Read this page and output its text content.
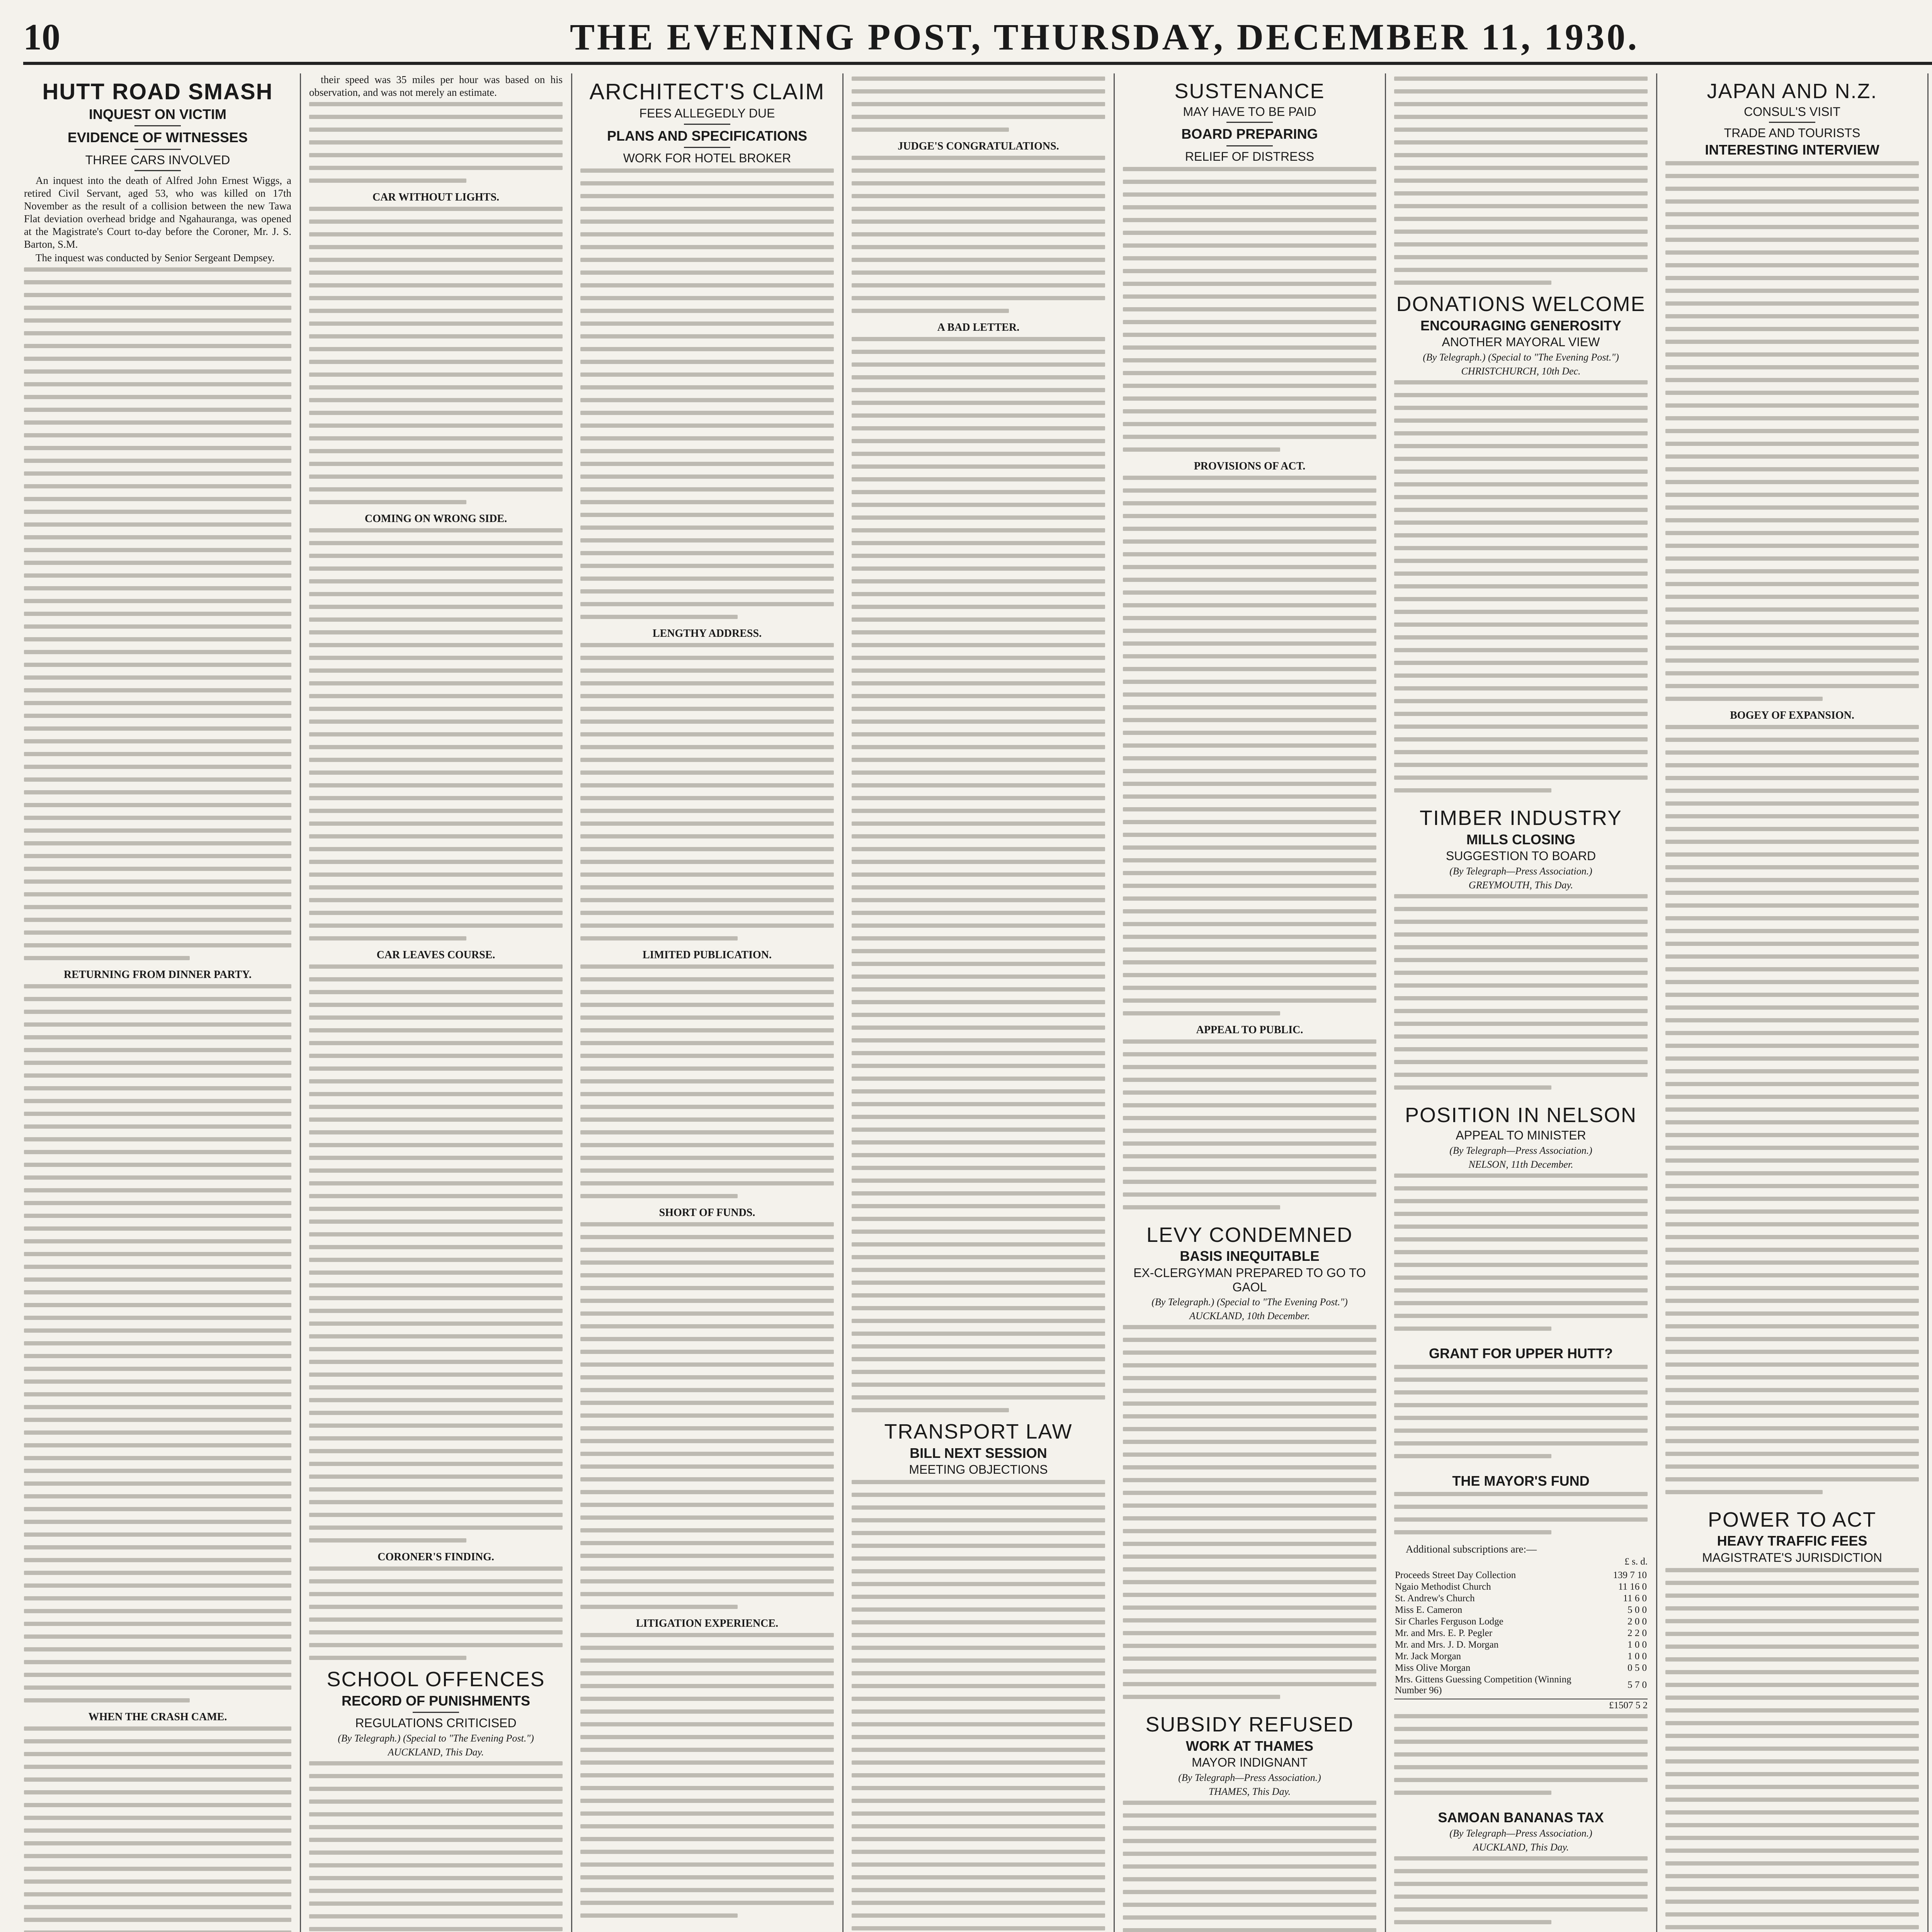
10	THE EVENING POST, THURSDAY, DECEMBER 11, 1930.
HUTT ROAD SMASH
INQUEST ON VICTIM
EVIDENCE OF WITNESSES
THREE CARS INVOLVED

An inquest into the death of Alfred John Ernest Wiggs, a retired Civil Servant, aged 53, who was killed on 17th November as the result of a collision between the new Tawa Flat deviation overhead bridge and Ngahauranga, was opened at the Magistrate's Court to-day before the Coroner, Mr. J. S. Barton, S.M.

The inquest was conducted by Senior Sergeant Dempsey.

RETURNING FROM DINNER PARTY.
WHEN THE CRASH CAME.

their speed was 35 miles per hour was based on his observation, and was not merely an estimate.

CAR WITHOUT LIGHTS.
COMING ON WRONG SIDE.
CAR LEAVES COURSE.
CORONER'S FINDING.
SCHOOL OFFENCES
RECORD OF PUNISHMENTS
REGULATIONS CRITICISED
(By Telegraph.) (Special to "The Evening Post.")
AUCKLAND, This Day.
ARCHITECT'S CLAIM
FEES ALLEGEDLY DUE
PLANS AND SPECIFICATIONS
WORK FOR HOTEL BROKER
LENGTHY ADDRESS.
LIMITED PUBLICATION.
SHORT OF FUNDS.
LITIGATION EXPERIENCE.
JUDGE'S CONGRATULATIONS.
A BAD LETTER.
TRANSPORT LAW
BILL NEXT SESSION
MEETING OBJECTIONS
SUSTENANCE
MAY HAVE TO BE PAID
BOARD PREPARING
RELIEF OF DISTRESS
PROVISIONS OF ACT.
APPEAL TO PUBLIC.
LEVY CONDEMNED
BASIS INEQUITABLE
EX-CLERGYMAN PREPARED TO GO TO GAOL
(By Telegraph.) (Special to "The Evening Post.")
AUCKLAND, 10th December.
SUBSIDY REFUSED
WORK AT THAMES
MAYOR INDIGNANT
(By Telegraph—Press Association.)
THAMES, This Day.
DONATIONS WELCOME
ENCOURAGING GENEROSITY
ANOTHER MAYORAL VIEW
(By Telegraph.) (Special to "The Evening Post.")
CHRISTCHURCH, 10th Dec.
TIMBER INDUSTRY
MILLS CLOSING
SUGGESTION TO BOARD
(By Telegraph—Press Association.)
GREYMOUTH, This Day.
POSITION IN NELSON
APPEAL TO MINISTER
(By Telegraph—Press Association.)
NELSON, 11th December.
GRANT FOR UPPER HUTT?
THE MAYOR'S FUND

Additional subscriptions are:—

£ s. d.
Proceeds Street Day Collection	139 7 10
Ngaio Methodist Church	11 16 0
St. Andrew's Church	11 6 0
Miss E. Cameron	5 0 0
Sir Charles Ferguson Lodge	2 0 0
Mr. and Mrs. E. P. Pegler	2 2 0
Mr. and Mrs. J. D. Morgan	1 0 0
Mr. Jack Morgan	1 0 0
Miss Olive Morgan	0 5 0
Mrs. Gittens Guessing Competition (Winning Number 96)	5 7 0
£1507 5 2
SAMOAN BANANAS TAX
(By Telegraph—Press Association.)
AUCKLAND, This Day.
JAPAN AND N.Z.
CONSUL'S VISIT
TRADE AND TOURISTS
INTERESTING INTERVIEW
BOGEY OF EXPANSION.
POWER TO ACT
HEAVY TRAFFIC FEES
MAGISTRATE'S JURISDICTION
